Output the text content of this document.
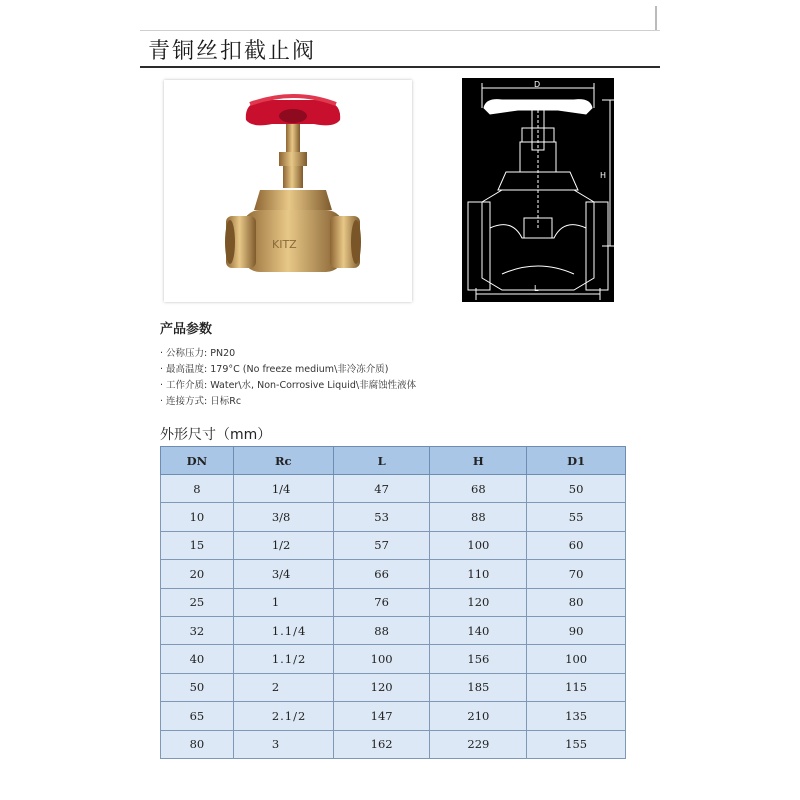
青铜丝扣截止阀
KITZ
D
H
L
产品参数
· 公称压力: PN20
· 最高温度: 179°C (No freeze medium\非冷冻介质)
· 工作介质: Water\水, Non-Corrosive Liquid\非腐蚀性液体
· 连接方式: 日标Rc
外形尺寸（mm）
DN	Rc	L	H	D1
8	1/4	47	68	50
10	3/8	53	88	55
15	1/2	57	100	60
20	3/4	66	110	70
25	1	76	120	80
32	1.1/4	88	140	90
40	1.1/2	100	156	100
50	2	120	185	115
65	2.1/2	147	210	135
80	3	162	229	155
